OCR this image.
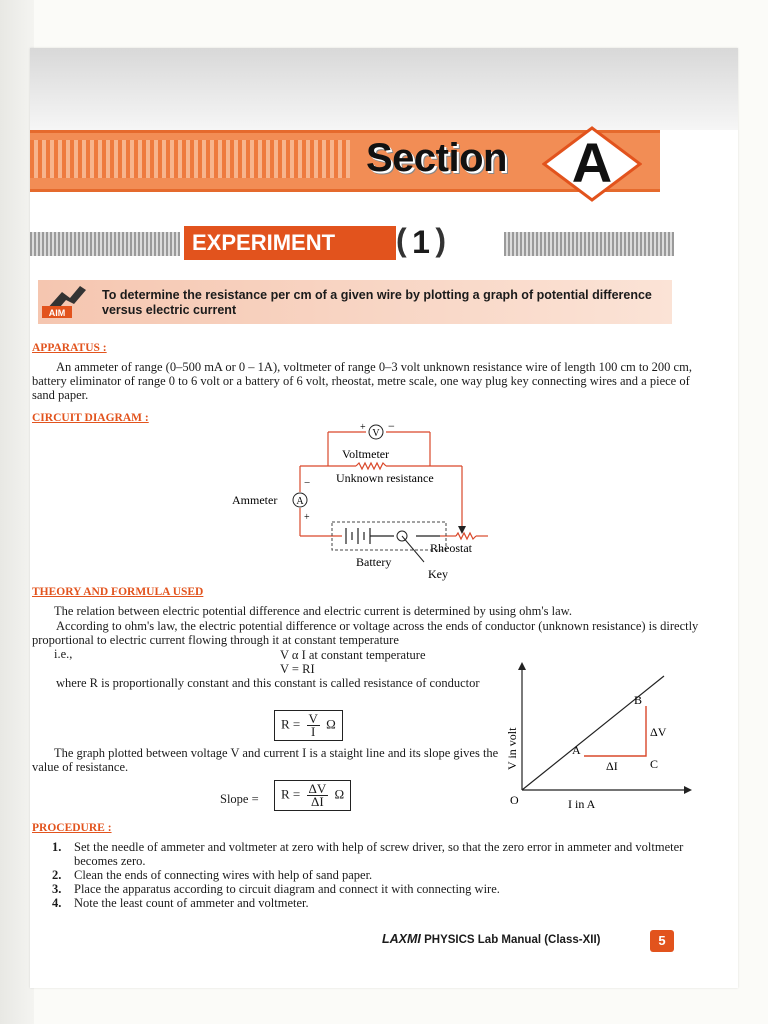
Section A
EXPERIMENT
(	1 )
AIM
To determine the resistance per cm of a given wire by plotting a graph of potential difference versus electric current
APPARATUS :
An ammeter of range (0–500 mA or 0 – 1A), voltmeter of range 0–3 volt unknown resistance wire of length 100 cm to 200 cm, battery eliminator of range 0 to 6 volt or a battery of 6 volt, rheostat, metre scale, one way plug key connecting wires and a piece of sand paper.
CIRCUIT DIAGRAM :
V
+ −
A
−
+
Voltmeter
Unknown resistance
Ammeter
Rheostat
Battery
Key
THEORY AND FORMULA USED
The relation between electric potential difference and electric current is determined by using ohm's law.
According to ohm's law, the electric potential difference or voltage across the ends of conductor (unknown resistance) is directly proportional to electric current flowing through it at constant temperature
i.e.,	V α I at constant temperature
V = RI
where R is proportionally constant and this constant is called resistance of conductor
$R = \frac{V}{I}$ Ω
The graph plotted between voltage V and current I is a staight line and its slope gives the value of resistance.
Slope =	$R = \frac{\Delta V}{\Delta I}$ Ω	O
A
B
C
ΔV
ΔI
V in volt
I in A
PROCEDURE :
1. Set the needle of ammeter and voltmeter at zero with help of screw driver, so that the zero error in ammeter and voltmeter becomes zero.
2. Clean the ends of connecting wires with help of sand paper.
3. Place the apparatus according to circuit diagram and connect it with connecting wire.
4. Note the least count of ammeter and voltmeter.
LAXMI PHYSICS Lab Manual (Class-XII)	5
